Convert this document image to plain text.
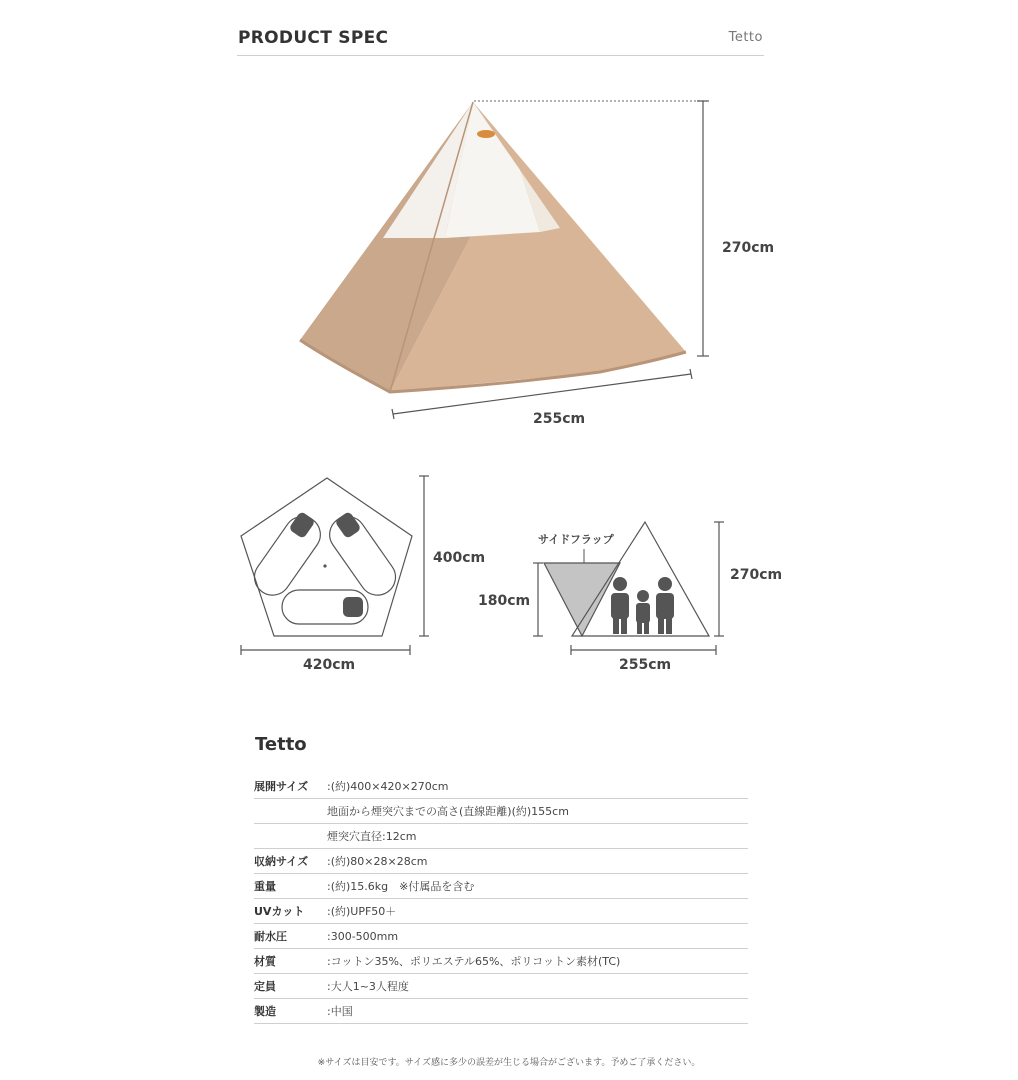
PRODUCT SPEC	Tetto
270cm
255cm
400cm
420cm
サイドフラップ
180cm
270cm
255cm
Tetto
展開サイズ	:(約)400×420×270cm
	地面から煙突穴までの高さ(直線距離)(約)155cm
	煙突穴直径:12cm
収納サイズ	:(約)80×28×28cm
重量	:(約)15.6kg　※付属品を含む
UVカット	:(約)UPF50＋
耐水圧	:300-500mm
材質	:コットン35%、ポリエステル65%、ポリコットン素材(TC)
定員	:大人1~3人程度
製造	:中国
※サイズは目安です。サイズ感に多少の誤差が生じる場合がございます。予めご了承ください。
